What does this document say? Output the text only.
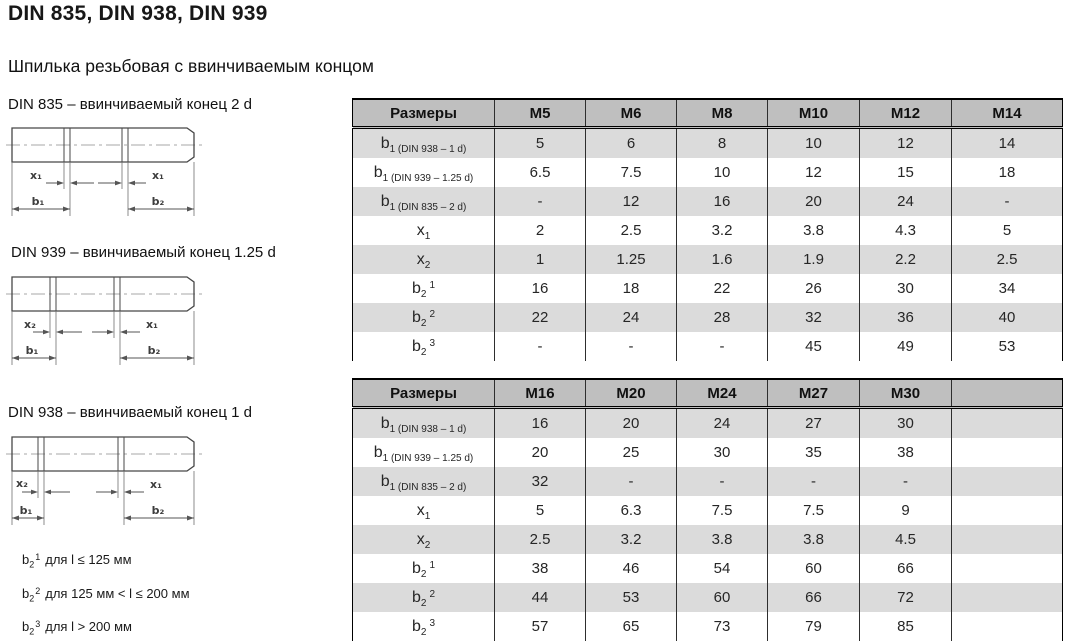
DIN 835, DIN 938, DIN 939
Шпилька резьбовая с ввинчиваемым концом
DIN 835 – ввинчиваемый конец 2 d
x₁	x₁
b₁	b₂
DIN 939 – ввинчиваемый конец 1.25 d
x₂	x₁
b₁	b₂
DIN 938 – ввинчиваемый конец 1 d
x₂	x₁
b₁	b₂
Размеры	M5	M6	M8	M10	M12	M14
$b_{1 (DIN 938 - 1 d)}$	5	6	8	10	12	14
$b_{1 (DIN 939 - 1.25 d)}$	6.5	7.5	10	12	15	18
$b_{1 (DIN 835 - 2 d)}$	-	12	16	20	24	-
$x_1$	2	2.5	3.2	3.8	4.3	5
$x_2$	1	1.25	1.6	1.9	2.2	2.5
$b_2^1$	16	18	22	26	30	34
$b_2^2$	22	24	28	32	36	40
$b_2^3$	-	-	-	45	49	53
Размеры	M16	M20	M24	M27	M30	
$b_{1 (DIN 938 - 1 d)}$	16	20	24	27	30	
$b_{1 (DIN 939 - 1.25 d)}$	20	25	30	35	38	
$b_{1 (DIN 835 - 2 d)}$	32	-	-	-	-	
$x_1$	5	6.3	7.5	7.5	9	
$x_2$	2.5	3.2	3.8	3.8	4.5	
$b_2^1$	38	46	54	60	66	
$b_2^2$	44	53	60	66	72	
$b_2^3$	57	65	73	79	85	
$b_2^1$ для l ≤ 125 мм
$b_2^2$ для 125 мм < l ≤ 200 мм
$b_2^3$ для l > 200 мм
